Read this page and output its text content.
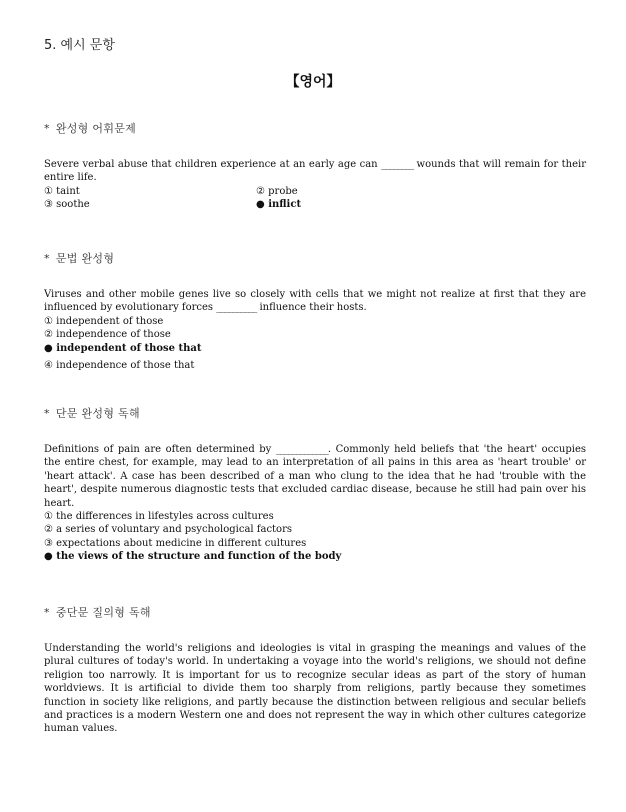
5. 예시 문항
【영어】
* 완성형 어휘문제
Severe verbal abuse that children experience at an early age can ________ wounds that will remain for their entire life.
① taint	② probe
③ soothe	● inflict
* 문법 완성형
Viruses and other mobile genes live so closely with cells that we might not realize at first that they are influenced by evolutionary forces __________ influence their hosts.
① independent of those
② independence of those
● independent of those that
④ independence of those that
* 단문 완성형 독해
Definitions of pain are often determined by _____________. Commonly held beliefs that 'the heart' occupies the entire chest, for example, may lead to an interpretation of all pains in this area as 'heart trouble' or 'heart attack'. A case has been described of a man who clung to the idea that he had 'trouble with the heart', despite numerous diagnostic tests that excluded cardiac disease, because he still had pain over his heart.
① the differences in lifestyles across cultures
② a series of voluntary and psychological factors
③ expectations about medicine in different cultures
● the views of the structure and function of the body
* 중단문 질의형 독해
Understanding the world's religions and ideologies is vital in grasping the meanings and values of the plural cultures of today's world. In undertaking a voyage into the world's religions, we should not define religion too narrowly. It is important for us to recognize secular ideas as part of the story of human worldviews. It is artificial to divide them too sharply from religions, partly because they sometimes function in society like religions, and partly because the distinction between religious and secular beliefs and practices is a modern Western one and does not represent the way in which other cultures categorize human values.
